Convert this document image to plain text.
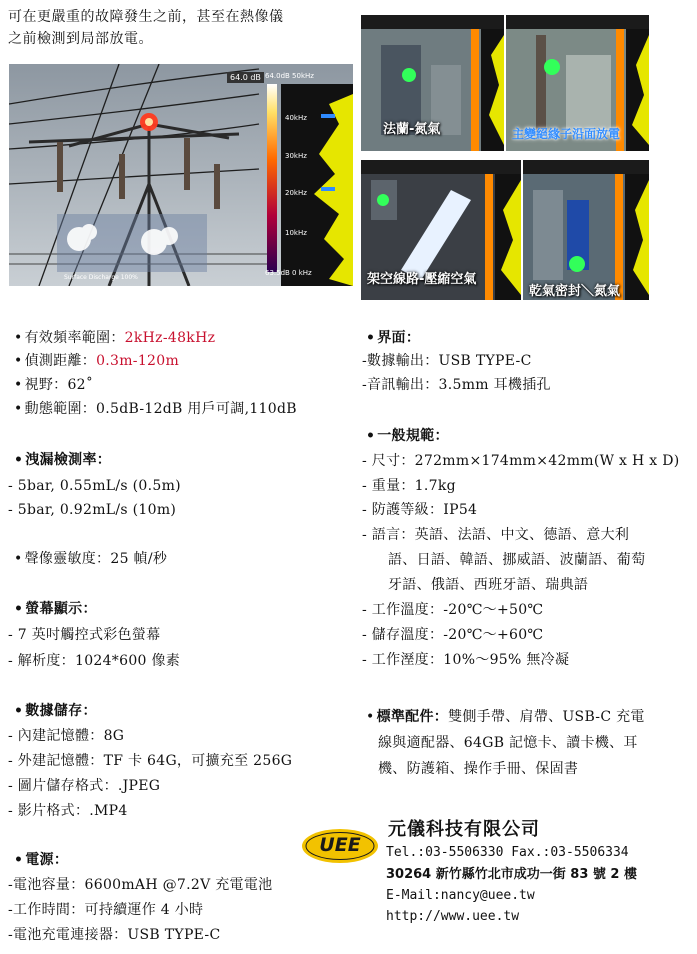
可在更嚴重的故障發生之前，甚至在熱像儀
之前檢測到局部放電。
64.0 dB 64.0dB 50kHz
40kHz
30kHz
20kHz
10kHz
63.5dB 0 kHz
Surface Discharge 100%
法蘭-氮氣	主變絕緣子沿面放電
架空線路-壓縮空氣
乾氣密封＼氮氣
• 有效頻率範圍：2kHz-48kHz
• 偵測距離：0.3m-120m
• 視野：62˚
• 動態範圍：0.5dB-12dB 用戶可調,110dB
• 洩漏檢測率：
- 5bar, 0.55mL/s (0.5m)
- 5bar, 0.92mL/s (10m)
• 聲像靈敏度：25 幀/秒
• 螢幕顯示：
- 7 英吋觸控式彩色螢幕
- 解析度：1024*600 像素
• 數據儲存：
- 內建記憶體：8G
- 外建記憶體：TF 卡 64G，可擴充至 256G
- 圖片儲存格式：.JPEG
- 影片格式：.MP4
• 電源：
-電池容量：6600mAH @7.2V 充電電池
-工作時間：可持續運作 4 小時
-電池充電連接器：USB TYPE-C
• 界面：
-數據輸出：USB TYPE-C
-音訊輸出：3.5mm 耳機插孔
• 一般規範：
- 尺寸：272mm×174mm×42mm(W x H x D)
- 重量：1.7kg
- 防護等級：IP54
- 語言：英語、法語、中文、德語、意大利
語、日語、韓語、挪威語、波蘭語、葡萄
牙語、俄語、西班牙語、瑞典語
- 工作溫度：-20℃～+50℃
- 儲存溫度：-20℃～+60℃
- 工作溼度：10%～95% 無冷凝
• 標準配件：雙側手帶、肩帶、USB-C 充電
線與適配器、64GB 記憶卡、讀卡機、耳
機、防護箱、操作手冊、保固書
UEE
元儀科技有限公司
Tel.:03-5506330 Fax.:03-5506334
30264 新竹縣竹北市成功一街 83 號 2 樓
E-Mail:nancy@uee.tw
http://www.uee.tw
